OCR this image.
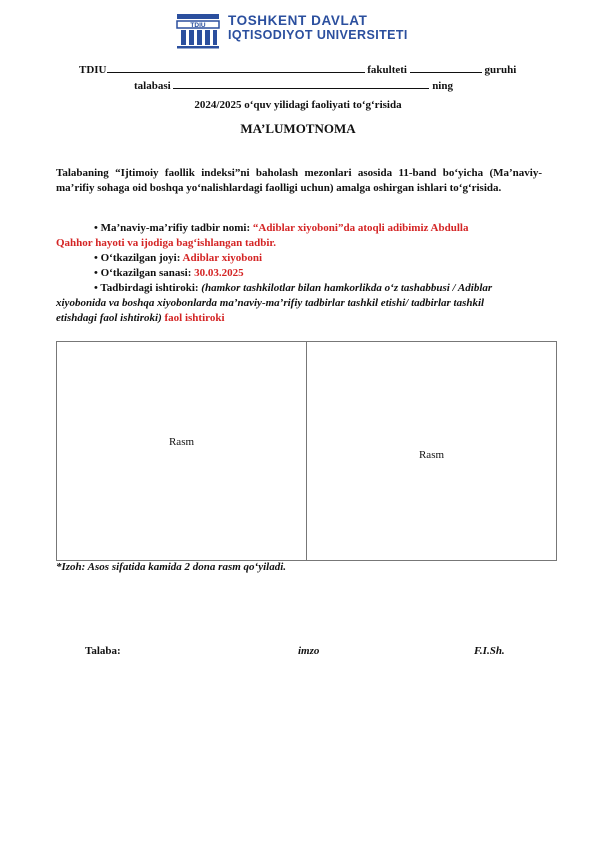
TDIU TOSHKENT DAVLAT
IQTISODIYOT UNIVERSITETI
TDIU	fakulteti	guruhi
talabasi	ning
2024/2025 o‘quv yilidagi faoliyati to‘g‘risida
MA’LUMOTNOMA
Talabaning “Ijtimoiy faollik indeksi”ni baholash mezonlari asosida 11-band bo‘yicha (Ma’naviy-ma’rifiy sohaga oid boshqa yo‘nalishlardagi faolligi uchun) amalga oshirgan ishlari to‘g‘risida.
• Ma’naviy-ma’rifiy tadbir nomi: “Adiblar xiyoboni”da atoqli adibimiz Abdulla
Qahhor hayoti va ijodiga bag‘ishlangan tadbir.
• O‘tkazilgan joyi: Adiblar xiyoboni
• O‘tkazilgan sanasi: 30.03.2025
• Tadbirdagi ishtiroki: (hamkor tashkilotlar bilan hamkorlikda o‘z tashabbusi / Adiblar
xiyobonida va boshqa xiyobonlarda ma’naviy-ma’rifiy tadbirlar tashkil etishi/ tadbirlar tashkil
etishdagi faol ishtiroki) faol ishtiroki
Rasm	Rasm
*Izoh: Asos sifatida kamida 2 dona rasm qo‘yiladi.
Talaba:	imzo	F.I.Sh.
